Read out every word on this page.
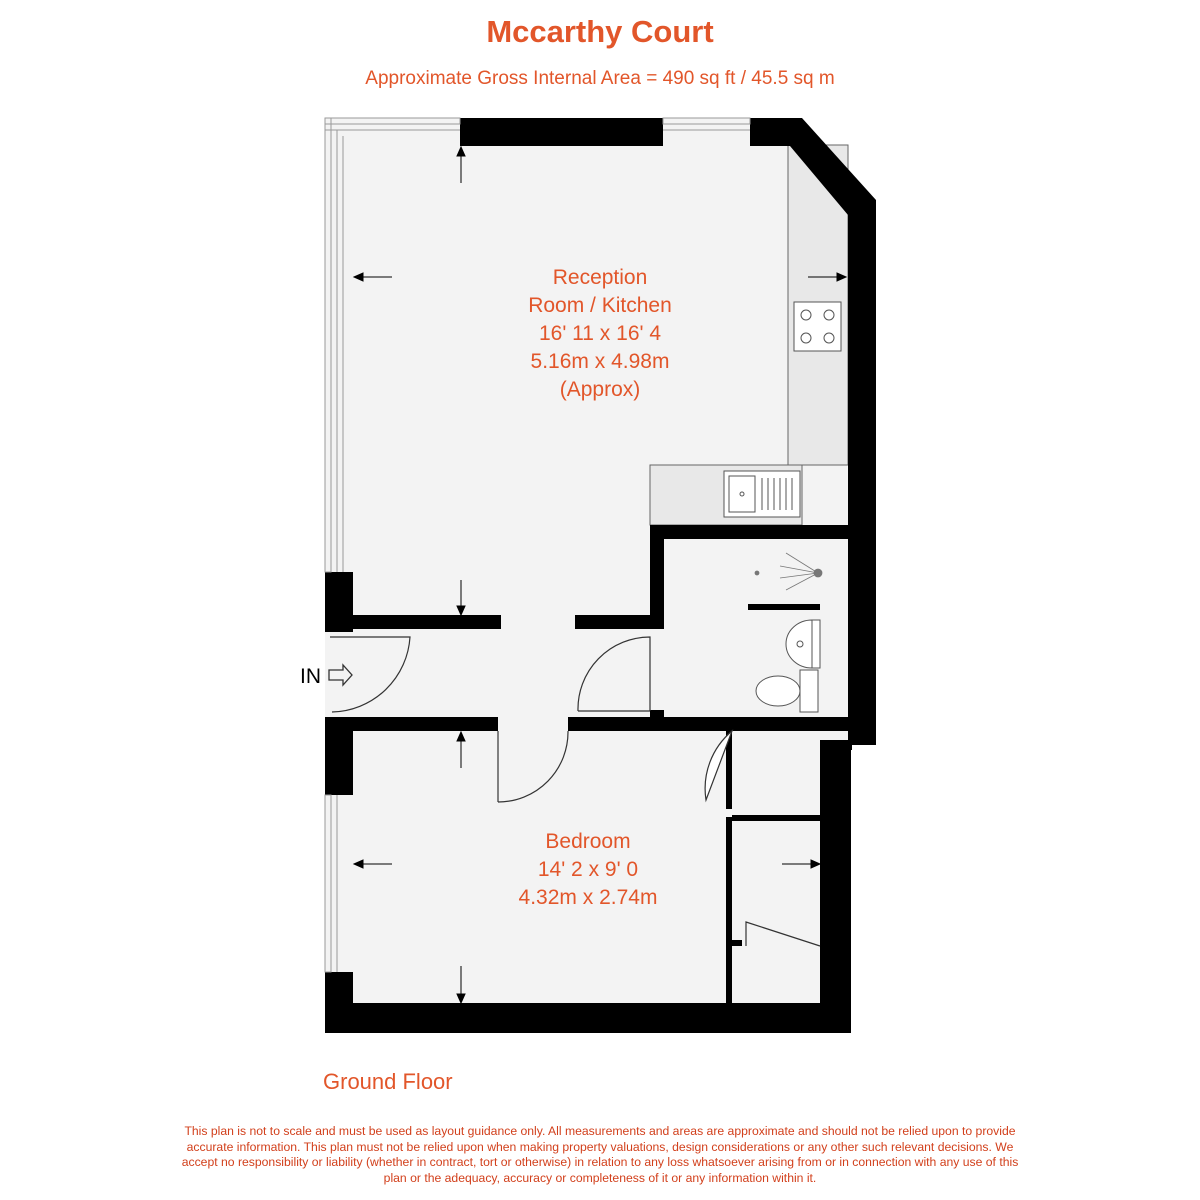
Mccarthy Court
Approximate Gross Internal Area = 490 sq ft / 45.5 sq m
Reception
Room / Kitchen
16' 11 x 16' 4
5.16m x 4.98m
(Approx)
Bedroom
14' 2 x 9' 0
4.32m x 2.74m
IN
Ground Floor
This plan is not to scale and must be used as layout guidance only. All measurements and areas are approximate and should not be relied upon to provide accurate information. This plan must not be relied upon when making property valuations, design considerations or any other such relevant decisions. We accept no responsibility or liability (whether in contract, tort or otherwise) in relation to any loss whatsoever arising from or in connection with any use of this plan or the adequacy, accuracy or completeness of it or any information within it.
